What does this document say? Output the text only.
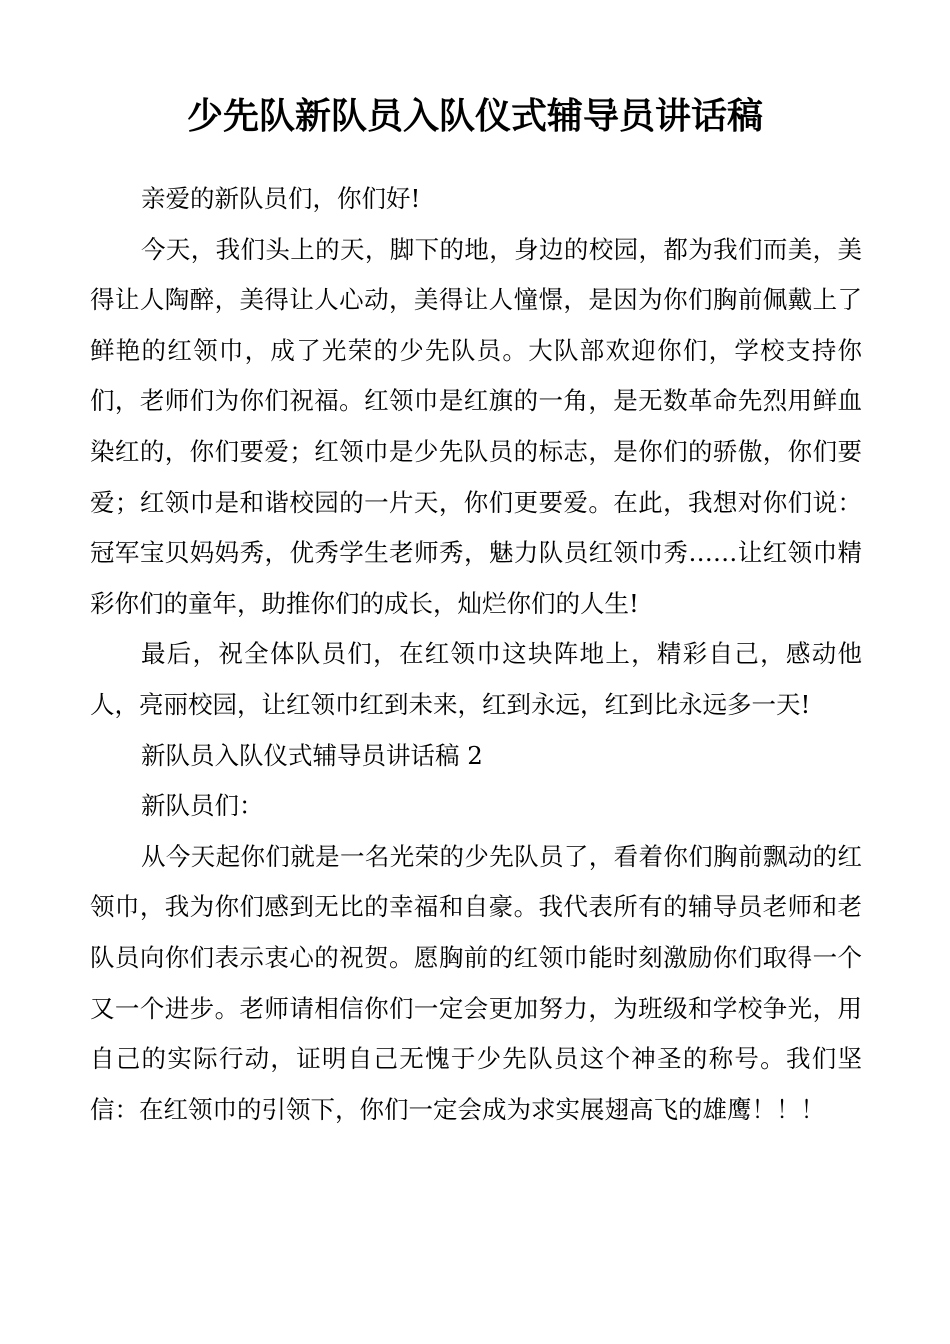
少先队新队员入队仪式辅导员讲话稿

亲爱的新队员们，你们好!

今天，我们头上的天，脚下的地，身边的校园，都为我们而美，美得让人陶醉，美得让人心动，美得让人憧憬，是因为你们胸前佩戴上了鲜艳的红领巾，成了光荣的少先队员。大队部欢迎你们，学校支持你们，老师们为你们祝福。红领巾是红旗的一角，是无数革命先烈用鲜血染红的，你们要爱；红领巾是少先队员的标志，是你们的骄傲，你们要爱；红领巾是和谐校园的一片天，你们更要爱。在此，我想对你们说：冠军宝贝妈妈秀，优秀学生老师秀，魅力队员红领巾秀……让红领巾精彩你们的童年，助推你们的成长，灿烂你们的人生!

最后，祝全体队员们，在红领巾这块阵地上，精彩自己，感动他人，亮丽校园，让红领巾红到未来，红到永远，红到比永远多一天!

新队员入队仪式辅导员讲话稿 2

新队员们：

从今天起你们就是一名光荣的少先队员了，看着你们胸前飘动的红领巾，我为你们感到无比的幸福和自豪。我代表所有的辅导员老师和老队员向你们表示衷心的祝贺。愿胸前的红领巾能时刻激励你们取得一个又一个进步。老师请相信你们一定会更加努力，为班级和学校争光，用自己的实际行动，证明自己无愧于少先队员这个神圣的称号。我们坚信：在红领巾的引领下，你们一定会成为求实展翅高飞的雄鹰！！！
